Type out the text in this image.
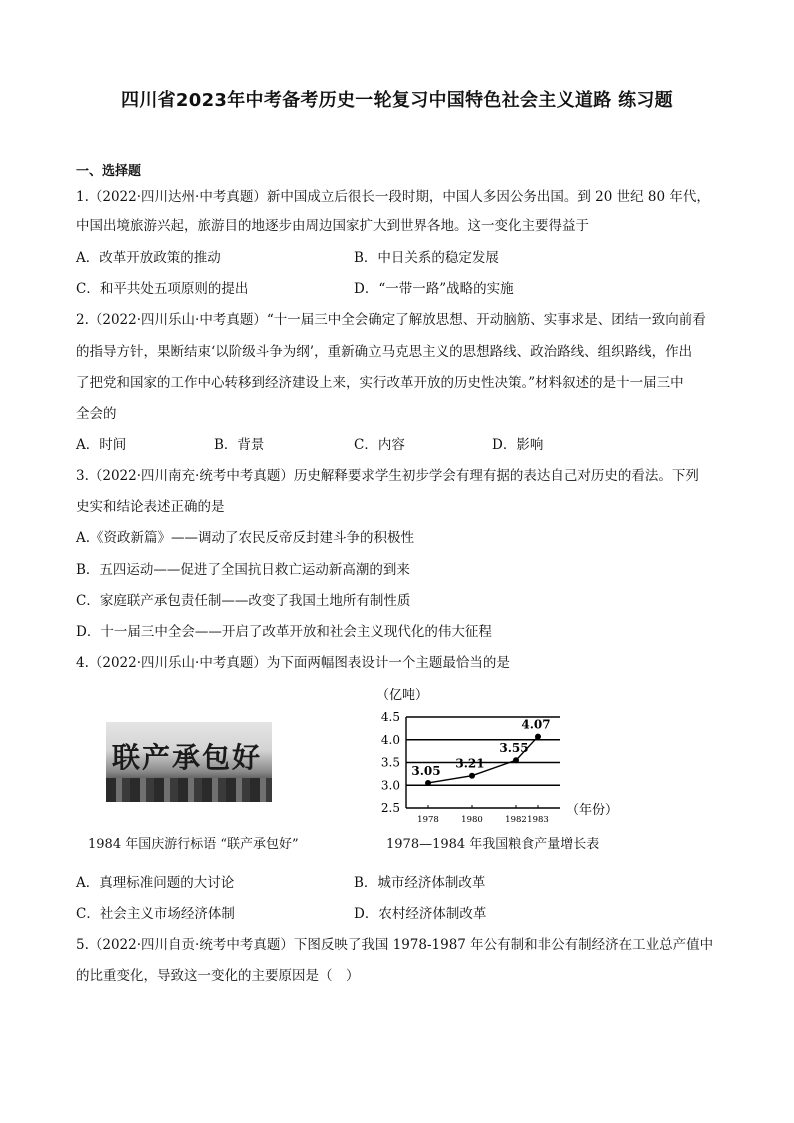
四川省2023年中考备考历史一轮复习中国特色社会主义道路 练习题
一、选择题
1.（2022·四川达州·中考真题）新中国成立后很长一段时期，中国人多因公务出国。到 20 世纪 80 年代，
中国出境旅游兴起，旅游目的地逐步由周边国家扩大到世界各地。这一变化主要得益于
A．改革开放政策的推动	B．中日关系的稳定发展
C．和平共处五项原则的提出	D．“一带一路”战略的实施
2.（2022·四川乐山·中考真题）“十一届三中全会确定了解放思想、开动脑筋、实事求是、团结一致向前看
的指导方针，果断结束‘以阶级斗争为纲’，重新确立马克思主义的思想路线、政治路线、组织路线，作出
了把党和国家的工作中心转移到经济建设上来，实行改革开放的历史性决策。”材料叙述的是十一届三中
全会的
A．时间	B．背景	C．内容	D．影响
3.（2022·四川南充·统考中考真题）历史解释要求学生初步学会有理有据的表达自己对历史的看法。下列
史实和结论表述正确的是
A.《资政新篇》——调动了农民反帝反封建斗争的积极性
B．五四运动——促进了全国抗日救亡运动新高潮的到来
C．家庭联产承包责任制——改变了我国土地所有制性质
D．十一届三中全会——开启了改革开放和社会主义现代化的伟大征程
4.（2022·四川乐山·中考真题）为下面两幅图表设计一个主题最恰当的是
联产承包好
1984 年国庆游行标语 “联产承包好”
（亿吨）
2.5
3.0
3.5
4.0
4.5
1978	1980	1982 1983
（年份）
3.05
3.21
3.55
4.07
1978—1984 年我国粮食产量增长表
A．真理标准问题的大讨论	B．城市经济体制改革
C．社会主义市场经济体制	D．农村经济体制改革
5.（2022·四川自贡·统考中考真题）下图反映了我国 1978-1987 年公有制和非公有制经济在工业总产值中
的比重变化，导致这一变化的主要原因是（　）
